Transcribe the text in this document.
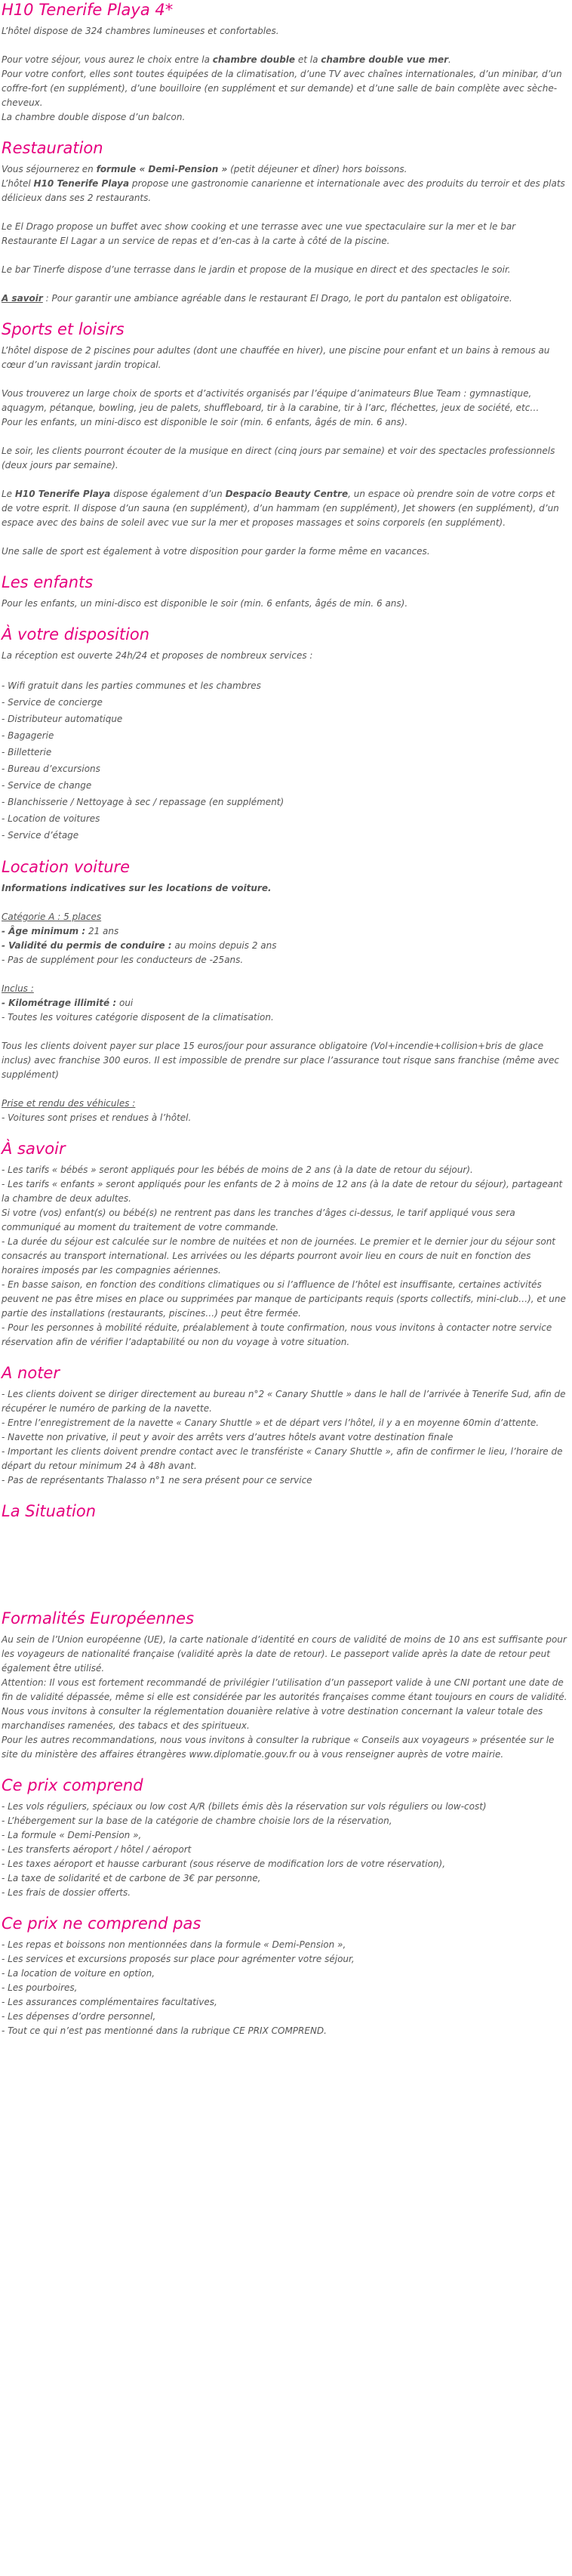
H10 Tenerife Playa 4*

L’hôtel dispose de 324 chambres lumineuses et confortables.

Pour votre séjour, vous aurez le choix entre la chambre double et la chambre double vue mer.

Pour votre confort, elles sont toutes équipées de la climatisation, d’une TV avec chaînes internationales, d’un minibar, d’un coffre-fort (en supplément), d’une bouilloire (en supplément et sur demande) et d’une salle de bain complète avec sèche-cheveux.

La chambre double dispose d’un balcon.

Restauration

Vous séjournerez en formule « Demi-Pension » (petit déjeuner et dîner) hors boissons.

L’hôtel H10 Tenerife Playa propose une gastronomie canarienne et internationale avec des produits du terroir et des plats délicieux dans ses 2 restaurants.

Le El Drago propose un buffet avec show cooking et une terrasse avec une vue spectaculaire sur la mer et le bar Restaurante El Lagar a un service de repas et d’en-cas à la carte à côté de la piscine.

Le bar Tinerfe dispose d’une terrasse dans le jardin et propose de la musique en direct et des spectacles le soir.

A savoir : Pour garantir une ambiance agréable dans le restaurant El Drago, le port du pantalon est obligatoire.

Sports et loisirs

L’hôtel dispose de 2 piscines pour adultes (dont une chauffée en hiver), une piscine pour enfant et un bains à remous au cœur d’un ravissant jardin tropical.

Vous trouverez un large choix de sports et d’activités organisés par l’équipe d’animateurs Blue Team : gymnastique, aquagym, pétanque, bowling, jeu de palets, shuffleboard, tir à la carabine, tir à l’arc, fléchettes, jeux de société, etc…

Pour les enfants, un mini-disco est disponible le soir (min. 6 enfants, âgés de min. 6 ans).

Le soir, les clients pourront écouter de la musique en direct (cinq jours par semaine) et voir des spectacles professionnels (deux jours par semaine).

Le H10 Tenerife Playa dispose également d’un Despacio Beauty Centre, un espace où prendre soin de votre corps et de votre esprit. Il dispose d’un sauna (en supplément), d’un hammam (en supplément), Jet showers (en supplément), d’un espace avec des bains de soleil avec vue sur la mer et proposes massages et soins corporels (en supplément).

Une salle de sport est également à votre disposition pour garder la forme même en vacances.

Les enfants

Pour les enfants, un mini-disco est disponible le soir (min. 6 enfants, âgés de min. 6 ans).

À votre disposition

La réception est ouverte 24h/24 et proposes de nombreux services :

- Wifi gratuit dans les parties communes et les chambres

- Service de concierge

- Distributeur automatique

- Bagagerie

- Billetterie

- Bureau d’excursions

- Service de change

- Blanchisserie / Nettoyage à sec / repassage (en supplément)

- Location de voitures

- Service d’étage

Location voiture

Informations indicatives sur les locations de voiture.

Catégorie A : 5 places

- Âge minimum : 21 ans

- Validité du permis de conduire : au moins depuis 2 ans

- Pas de supplément pour les conducteurs de -25ans.

Inclus :

- Kilométrage illimité : oui

- Toutes les voitures catégorie disposent de la climatisation.

Tous les clients doivent payer sur place 15 euros/jour pour assurance obligatoire (Vol+incendie+collision+bris de glace inclus) avec franchise 300 euros. Il est impossible de prendre sur place l’assurance tout risque sans franchise (même avec supplément)

Prise et rendu des véhicules :

- Voitures sont prises et rendues à l’hôtel.

À savoir

- Les tarifs « bébés » seront appliqués pour les bébés de moins de 2 ans (à la date de retour du séjour).

- Les tarifs « enfants » seront appliqués pour les enfants de 2 à moins de 12 ans (à la date de retour du séjour), partageant la chambre de deux adultes.

Si votre (vos) enfant(s) ou bébé(s) ne rentrent pas dans les tranches d’âges ci-dessus, le tarif appliqué vous sera communiqué au moment du traitement de votre commande.

- La durée du séjour est calculée sur le nombre de nuitées et non de journées. Le premier et le dernier jour du séjour sont consacrés au transport international. Les arrivées ou les départs pourront avoir lieu en cours de nuit en fonction des horaires imposés par les compagnies aériennes.

- En basse saison, en fonction des conditions climatiques ou si l’affluence de l’hôtel est insuffisante, certaines activités peuvent ne pas être mises en place ou supprimées par manque de participants requis (sports collectifs, mini-club…), et une partie des installations (restaurants, piscines…) peut être fermée.

- Pour les personnes à mobilité réduite, préalablement à toute confirmation, nous vous invitons à contacter notre service réservation afin de vérifier l’adaptabilité ou non du voyage à votre situation.

A noter

- Les clients doivent se diriger directement au bureau n°2 « Canary Shuttle » dans le hall de l’arrivée à Tenerife Sud, afin de récupérer le numéro de parking de la navette.

- Entre l’enregistrement de la navette « Canary Shuttle » et de départ vers l’hôtel, il y a en moyenne 60min d’attente.

- Navette non privative, il peut y avoir des arrêts vers d’autres hôtels avant votre destination finale

- Important les clients doivent prendre contact avec le transfériste « Canary Shuttle », afin de confirmer le lieu, l’horaire de départ du retour minimum 24 à 48h avant.

- Pas de représentants Thalasso n°1 ne sera présent pour ce service

La Situation
Formalités Européennes

Au sein de l’Union européenne (UE), la carte nationale d’identité en cours de validité de moins de 10 ans est suffisante pour les voyageurs de nationalité française (validité après la date de retour). Le passeport valide après la date de retour peut également être utilisé.

Attention: Il vous est fortement recommandé de privilégier l’utilisation d’un passeport valide à une CNI portant une date de fin de validité dépassée, même si elle est considérée par les autorités françaises comme étant toujours en cours de validité.

Nous vous invitons à consulter la réglementation douanière relative à votre destination concernant la valeur totale des marchandises ramenées, des tabacs et des spiritueux.

Pour les autres recommandations, nous vous invitons à consulter la rubrique « Conseils aux voyageurs » présentée sur le site du ministère des affaires étrangères www.diplomatie.gouv.fr ou à vous renseigner auprès de votre mairie.

Ce prix comprend

- Les vols réguliers, spéciaux ou low cost A/R (billets émis dès la réservation sur vols réguliers ou low-cost)

- L’hébergement sur la base de la catégorie de chambre choisie lors de la réservation,

- La formule « Demi-Pension »,

- Les transferts aéroport / hôtel / aéroport

- Les taxes aéroport et hausse carburant (sous réserve de modification lors de votre réservation),

- La taxe de solidarité et de carbone de 3€ par personne,

- Les frais de dossier offerts.

Ce prix ne comprend pas

- Les repas et boissons non mentionnées dans la formule « Demi-Pension »,

- Les services et excursions proposés sur place pour agrémenter votre séjour,

- La location de voiture en option,

- Les pourboires,

- Les assurances complémentaires facultatives,

- Les dépenses d’ordre personnel,

- Tout ce qui n’est pas mentionné dans la rubrique CE PRIX COMPREND.
